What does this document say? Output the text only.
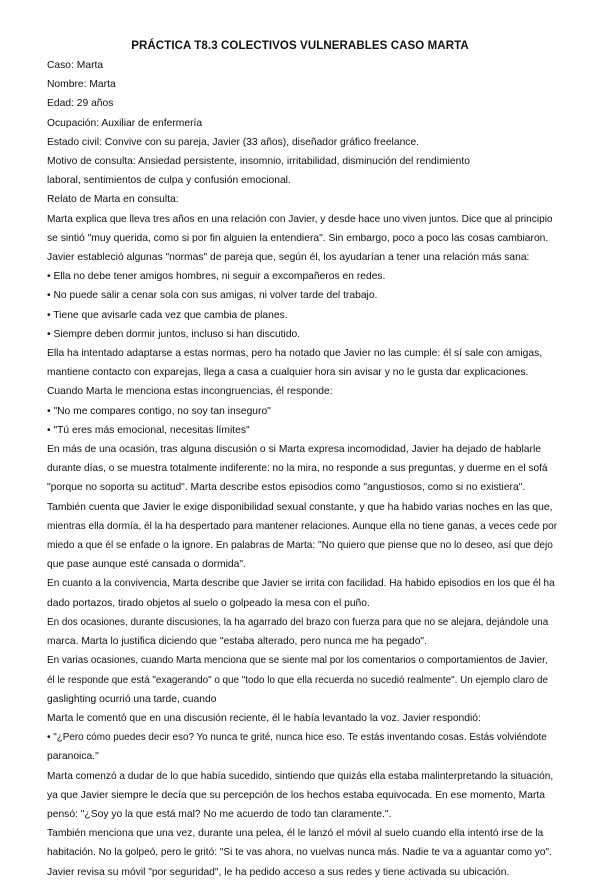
PRÁCTICA T8.3 COLECTIVOS VULNERABLES CASO MARTA

Caso: Marta

Nombre: Marta

Edad: 29 años

Ocupación: Auxiliar de enfermería

Estado civil: Convive con su pareja, Javier (33 años), diseñador gráfico freelance.

Motivo de consulta: Ansiedad persistente, insomnio, irritabilidad, disminución del rendimiento

laboral, sentimientos de culpa y confusión emocional.

Relato de Marta en consulta:

Marta explica que lleva tres años en una relación con Javier, y desde hace uno viven juntos. Dice que al principio

se sintió "muy querida, como si por fin alguien la entendiera". Sin embargo, poco a poco las cosas cambiaron.

Javier estableció algunas "normas" de pareja que, según él, los ayudarían a tener una relación más sana:

• Ella no debe tener amigos hombres, ni seguir a excompañeros en redes.

• No puede salir a cenar sola con sus amigas, ni volver tarde del trabajo.

• Tiene que avisarle cada vez que cambia de planes.

• Siempre deben dormir juntos, incluso si han discutido.

Ella ha intentado adaptarse a estas normas, pero ha notado que Javier no las cumple: él sí sale con amigas,

mantiene contacto con exparejas, llega a casa a cualquier hora sin avisar y no le gusta dar explicaciones.

Cuando Marta le menciona estas incongruencias, él responde:

• "No me compares contigo, no soy tan inseguro"

• "Tú eres más emocional, necesitas límites"

En más de una ocasión, tras alguna discusión o si Marta expresa incomodidad, Javier ha dejado de hablarle

durante días, o se muestra totalmente indiferente: no la mira, no responde a sus preguntas, y duerme en el sofá

"porque no soporta su actitud". Marta describe estos episodios como "angustiosos, como si no existiera".

También cuenta que Javier le exige disponibilidad sexual constante, y que ha habido varias noches en las que,

mientras ella dormía, él la ha despertado para mantener relaciones. Aunque ella no tiene ganas, a veces cede por

miedo a que él se enfade o la ignore. En palabras de Marta: "No quiero que piense que no lo deseo, así que dejo

que pase aunque esté cansada o dormida".

En cuanto a la convivencia, Marta describe que Javier se irrita con facilidad. Ha habido episodios en los que él ha

dado portazos, tirado objetos al suelo o golpeado la mesa con el puño.

En dos ocasiones, durante discusiones, la ha agarrado del brazo con fuerza para que no se alejara, dejándole una

marca. Marta lo justifica diciendo que "estaba alterado, pero nunca me ha pegado".

En varias ocasiones, cuando Marta menciona que se siente mal por los comentarios o comportamientos de Javier,

él le responde que está "exagerando" o que "todo lo que ella recuerda no sucedió realmente". Un ejemplo claro de

gaslighting ocurrió una tarde, cuando

Marta le comentó que en una discusión reciente, él le había levantado la voz. Javier respondió:

• "¿Pero cómo puedes decir eso? Yo nunca te grité, nunca hice eso. Te estás inventando cosas. Estás volviéndote

paranoica."

Marta comenzó a dudar de lo que había sucedido, sintiendo que quizás ella estaba malinterpretando la situación,

ya que Javier siempre le decía que su percepción de los hechos estaba equivocada. En ese momento, Marta

pensó: "¿Soy yo la que está mal? No me acuerdo de todo tan claramente.".

También menciona que una vez, durante una pelea, él le lanzó el móvil al suelo cuando ella intentó irse de la

habitación. No la golpeó, pero le gritó: "Si te vas ahora, no vuelvas nunca más. Nadie te va a aguantar como yo".

Javier revisa su móvil "por seguridad", le ha pedido acceso a sus redes y tiene activada su ubicación.
